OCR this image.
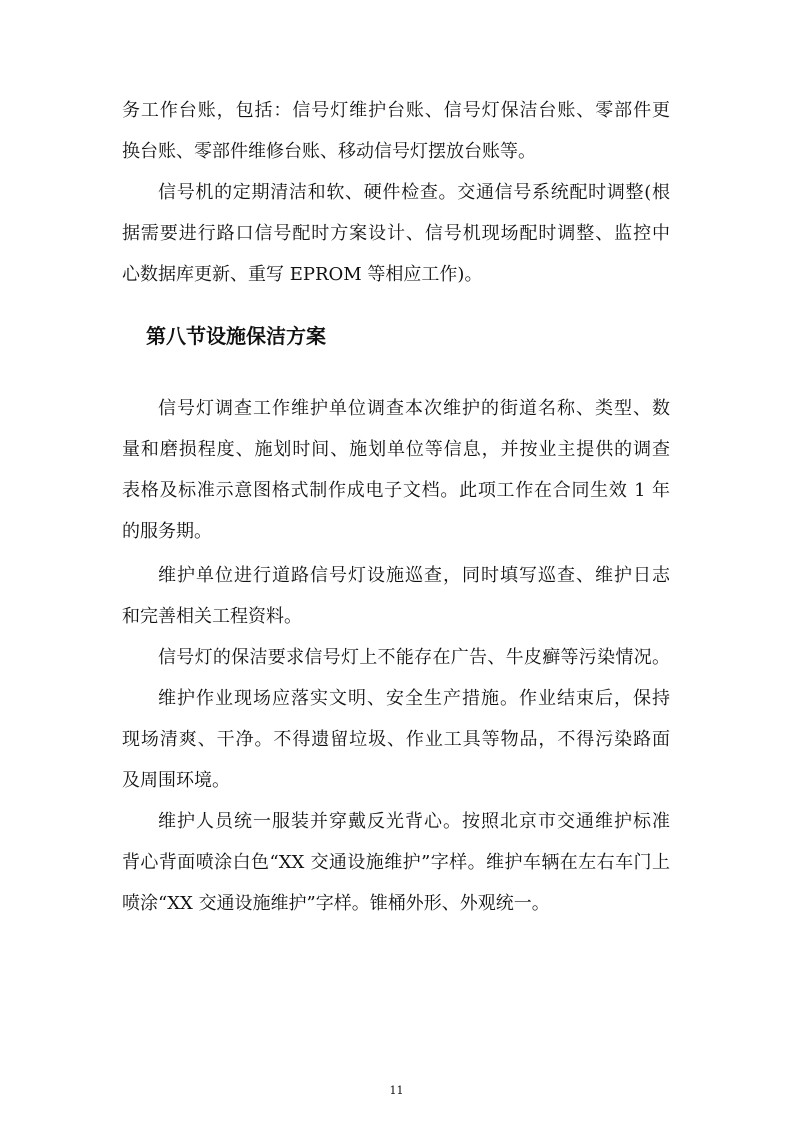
务工作台账，包括：信号灯维护台账、信号灯保洁台账、零部件更
换台账、零部件维修台账、移动信号灯摆放台账等。
信号机的定期清洁和软、硬件检查。交通信号系统配时调整(根
据需要进行路口信号配时方案设计、信号机现场配时调整、监控中
心数据库更新、重写 EPROM 等相应工作)。
第八节设施保洁方案
信号灯调查工作维护单位调查本次维护的街道名称、类型、数
量和磨损程度、施划时间、施划单位等信息，并按业主提供的调查
表格及标准示意图格式制作成电子文档。此项工作在合同生效 1 年
的服务期。
维护单位进行道路信号灯设施巡查，同时填写巡查、维护日志
和完善相关工程资料。
信号灯的保洁要求信号灯上不能存在广告、牛皮癣等污染情况。
维护作业现场应落实文明、安全生产措施。作业结束后，保持
现场清爽、干净。不得遗留垃圾、作业工具等物品，不得污染路面
及周围环境。
维护人员统一服装并穿戴反光背心。按照北京市交通维护标准
背心背面喷涂白色“XX 交通设施维护”字样。维护车辆在左右车门上
喷涂“XX 交通设施维护”字样。锥桶外形、外观统一。
11
